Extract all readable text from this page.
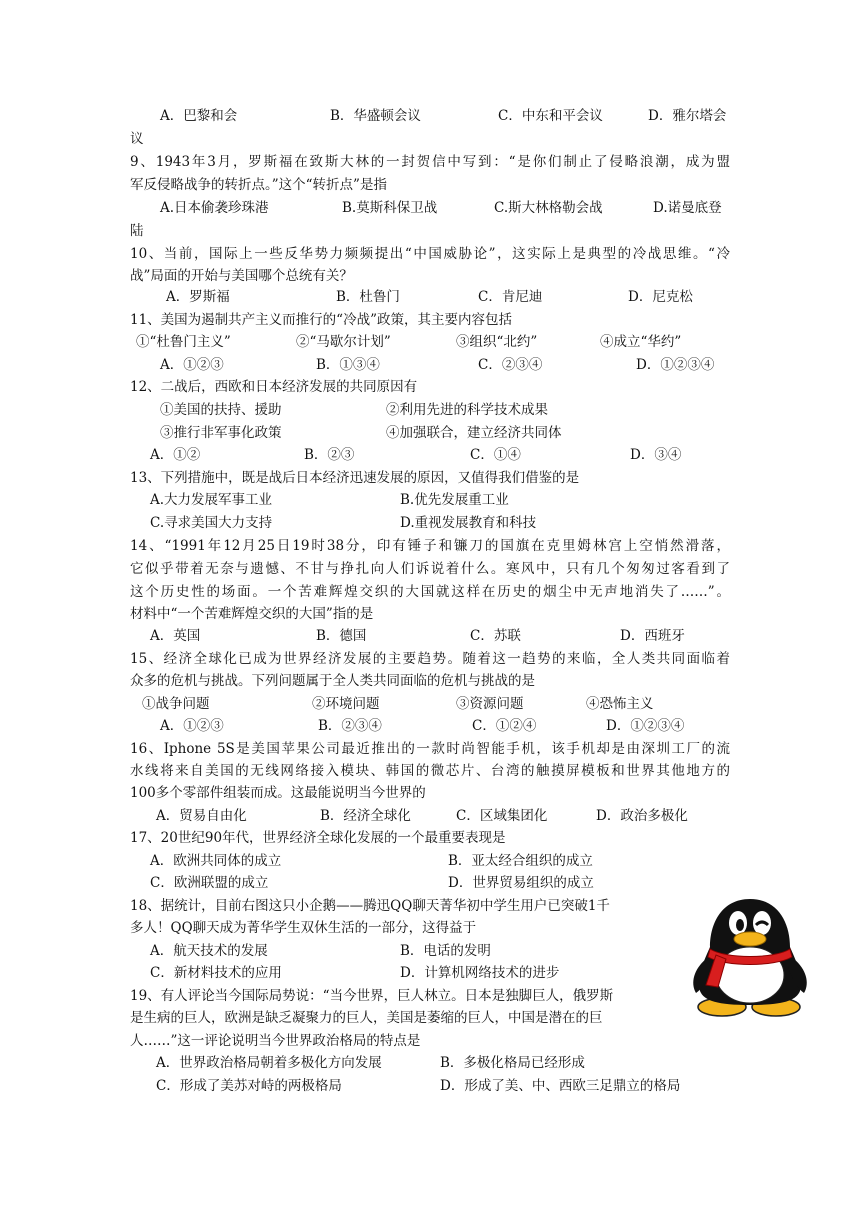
A．巴黎和会	B．华盛顿会议	C．中东和平会议	D．雅尔塔会
议
9、1943年3月，罗斯福在致斯大林的一封贺信中写到：“是你们制止了侵略浪潮，成为盟
军反侵略战争的转折点。”这个“转折点”是指
A.日本偷袭珍珠港	B.莫斯科保卫战	C.斯大林格勒会战	D.诺曼底登
陆
10、当前，国际上一些反华势力频频提出“中国威胁论”，这实际上是典型的冷战思维。“冷
战”局面的开始与美国哪个总统有关？
A．罗斯福	B．杜鲁门	C．肯尼迪	D．尼克松
11、美国为遏制共产主义而推行的“冷战”政策，其主要内容包括
①“杜鲁门主义”	②“马歇尔计划”	③组织“北约”	④成立“华约”
A．①②③	B．①③④	C．②③④	D．①②③④
12、二战后，西欧和日本经济发展的共同原因有
①美国的扶持、援助	②利用先进的科学技术成果
③推行非军事化政策	④加强联合，建立经济共同体
A．①②	B．②③	C．①④	D．③④
13、下列措施中，既是战后日本经济迅速发展的原因，又值得我们借鉴的是
A.大力发展军事工业	B.优先发展重工业
C.寻求美国大力支持	D.重视发展教育和科技
14、“1991年12月25日19时38分，印有锤子和镰刀的国旗在克里姆林宫上空悄然滑落，
它似乎带着无奈与遗憾、不甘与挣扎向人们诉说着什么。寒风中，只有几个匆匆过客看到了
这个历史性的场面。一个苦难辉煌交织的大国就这样在历史的烟尘中无声地消失了……”。
材料中“一个苦难辉煌交织的大国”指的是
A．英国	B．德国	C．苏联	D．西班牙
15、经济全球化已成为世界经济发展的主要趋势。随着这一趋势的来临，全人类共同面临着
众多的危机与挑战。下列问题属于全人类共同面临的危机与挑战的是
①战争问题	②环境问题	③资源问题	④恐怖主义
A．①②③	B．②③④	C．①②④	D．①②③④
16、Iphone 5S是美国苹果公司最近推出的一款时尚智能手机，该手机却是由深圳工厂的流
水线将来自美国的无线网络接入模块、韩国的微芯片、台湾的触摸屏模板和世界其他地方的
100多个零部件组装而成。这最能说明当今世界的
A．贸易自由化	B．经济全球化	C．区域集团化	D．政治多极化
17、20世纪90年代，世界经济全球化发展的一个最重要表现是
A．欧洲共同体的成立	B．亚太经合组织的成立
C．欧洲联盟的成立	D．世界贸易组织的成立
18、据统计，目前右图这只小企鹅——腾迅QQ聊天菁华初中学生用户已突破1千
多人！QQ聊天成为菁华学生双休生活的一部分，这得益于
A．航天技术的发展	B．电话的发明
C．新材料技术的应用	D．计算机网络技术的进步
19、有人评论当今国际局势说：“当今世界，巨人林立。日本是独脚巨人，俄罗斯
是生病的巨人，欧洲是缺乏凝聚力的巨人，美国是萎缩的巨人，中国是潜在的巨
人……”这一评论说明当今世界政治格局的特点是
A．世界政治格局朝着多极化方向发展	B．多极化格局已经形成
C．形成了美苏对峙的两极格局	D．形成了美、中、西欧三足鼎立的格局
